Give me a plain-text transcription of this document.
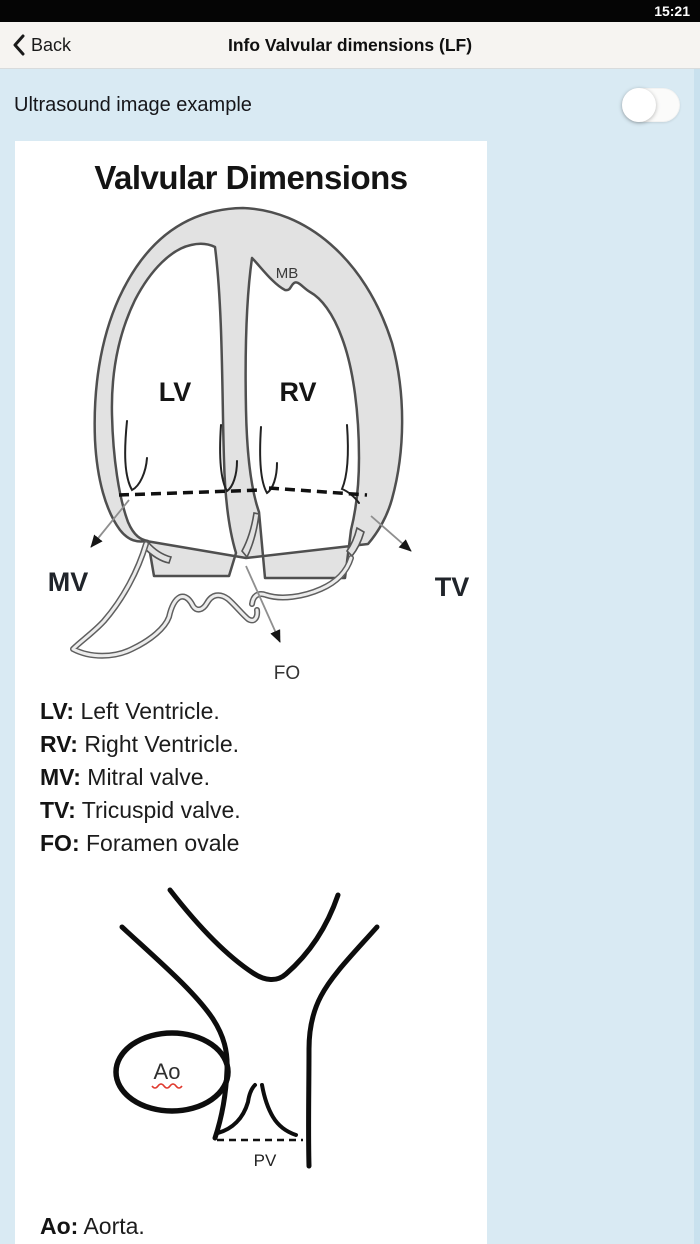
15:21
Info Valvular dimensions (LF)
Back
Ultrasound image example
Valvular Dimensions
MB
LV	RV
MV	TV
FO
LV: Left Ventricle.
RV: Right Ventricle.
MV: Mitral valve.
TV: Tricuspid valve.
FO: Foramen ovale
Ao
PV
Ao: Aorta.
